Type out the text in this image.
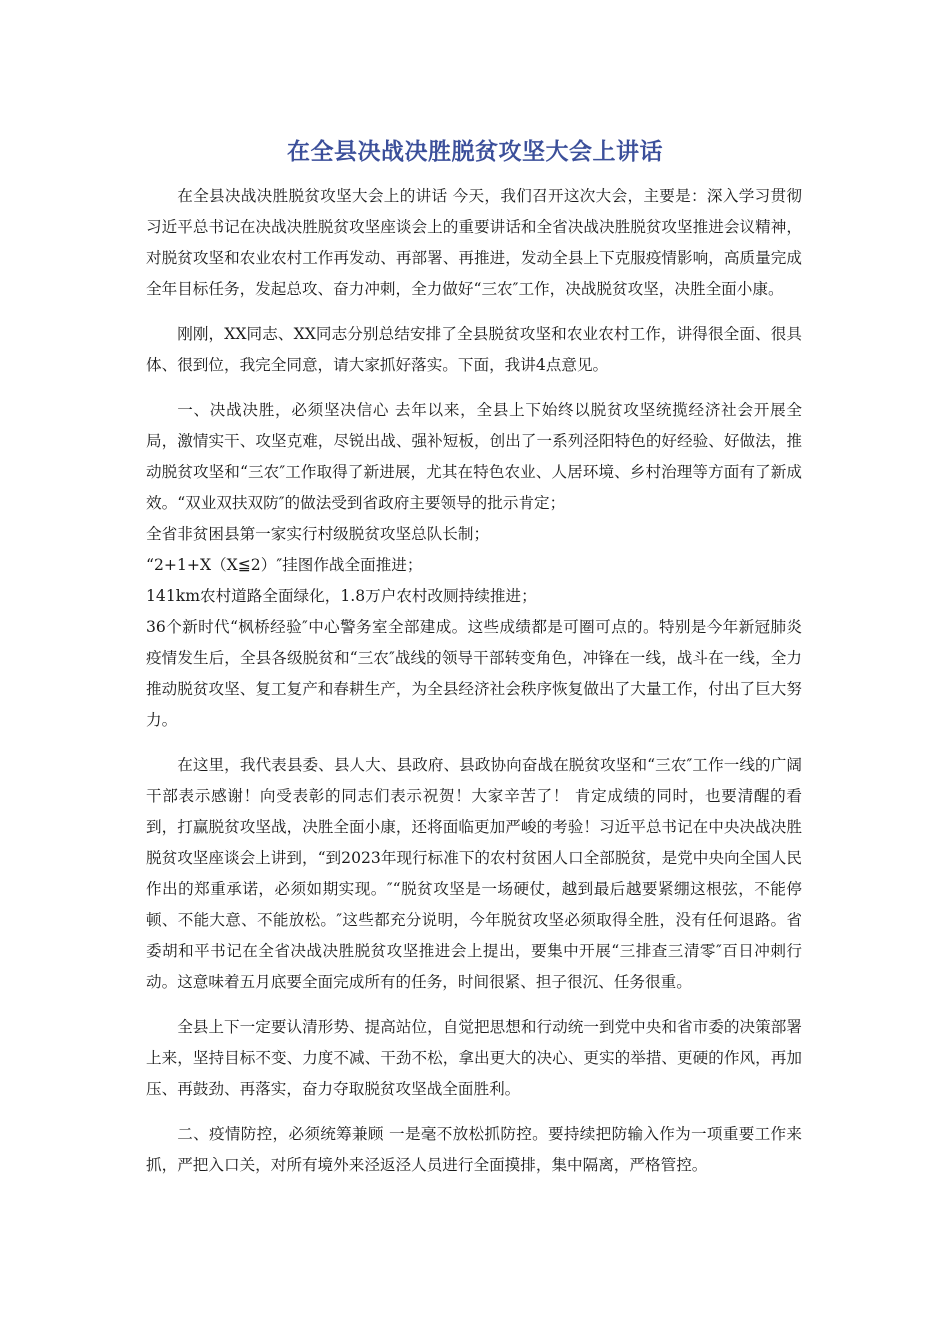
在全县决战决胜脱贫攻坚大会上讲话

在全县决战决胜脱贫攻坚大会上的讲话 今天，我们召开这次大会，主要是：深入学习贯彻习近平总书记在决战决胜脱贫攻坚座谈会上的重要讲话和全省决战决胜脱贫攻坚推进会议精神，对脱贫攻坚和农业农村工作再发动、再部署、再推进，发动全县上下克服疫情影响，高质量完成全年目标任务，发起总攻、奋力冲刺，全力做好“三农″工作，决战脱贫攻坚，决胜全面小康。

刚刚，XX同志、XX同志分别总结安排了全县脱贫攻坚和农业农村工作，讲得很全面、很具体、很到位，我完全同意，请大家抓好落实。下面，我讲4点意见。

一、决战决胜，必须坚决信心 去年以来，全县上下始终以脱贫攻坚统揽经济社会开展全局，激情实干、攻坚克难，尽锐出战、强补短板，创出了一系列泾阳特色的好经验、好做法，推动脱贫攻坚和“三农″工作取得了新进展，尤其在特色农业、人居环境、乡村治理等方面有了新成效。“双业双扶双防″的做法受到省政府主要领导的批示肯定；

全省非贫困县第一家实行村级脱贫攻坚总队长制；

“2+1+X（X≦2）″挂图作战全面推进；

141km农村道路全面绿化，1.8万户农村改厕持续推进；

36个新时代“枫桥经验″中心警务室全部建成。这些成绩都是可圈可点的。特别是今年新冠肺炎疫情发生后，全县各级脱贫和“三农″战线的领导干部转变角色，冲锋在一线，战斗在一线，全力推动脱贫攻坚、复工复产和春耕生产，为全县经济社会秩序恢复做出了大量工作，付出了巨大努力。

在这里，我代表县委、县人大、县政府、县政协向奋战在脱贫攻坚和“三农″工作一线的广阔干部表示感谢！向受表彰的同志们表示祝贺！大家辛苦了！ 肯定成绩的同时，也要清醒的看到，打赢脱贫攻坚战，决胜全面小康，还将面临更加严峻的考验！习近平总书记在中央决战决胜脱贫攻坚座谈会上讲到，“到2023年现行标准下的农村贫困人口全部脱贫，是党中央向全国人民作出的郑重承诺，必须如期实现。″“脱贫攻坚是一场硬仗，越到最后越要紧绷这根弦，不能停顿、不能大意、不能放松。″这些都充分说明，今年脱贫攻坚必须取得全胜，没有任何退路。省委胡和平书记在全省决战决胜脱贫攻坚推进会上提出，要集中开展“三排查三清零″百日冲刺行动。这意味着五月底要全面完成所有的任务，时间很紧、担子很沉、任务很重。

全县上下一定要认清形势、提高站位，自觉把思想和行动统一到党中央和省市委的决策部署上来，坚持目标不变、力度不减、干劲不松，拿出更大的决心、更实的举措、更硬的作风，再加压、再鼓劲、再落实，奋力夺取脱贫攻坚战全面胜利。

二、疫情防控，必须统筹兼顾 一是毫不放松抓防控。要持续把防输入作为一项重要工作来抓，严把入口关，对所有境外来泾返泾人员进行全面摸排，集中隔离，严格管控。
